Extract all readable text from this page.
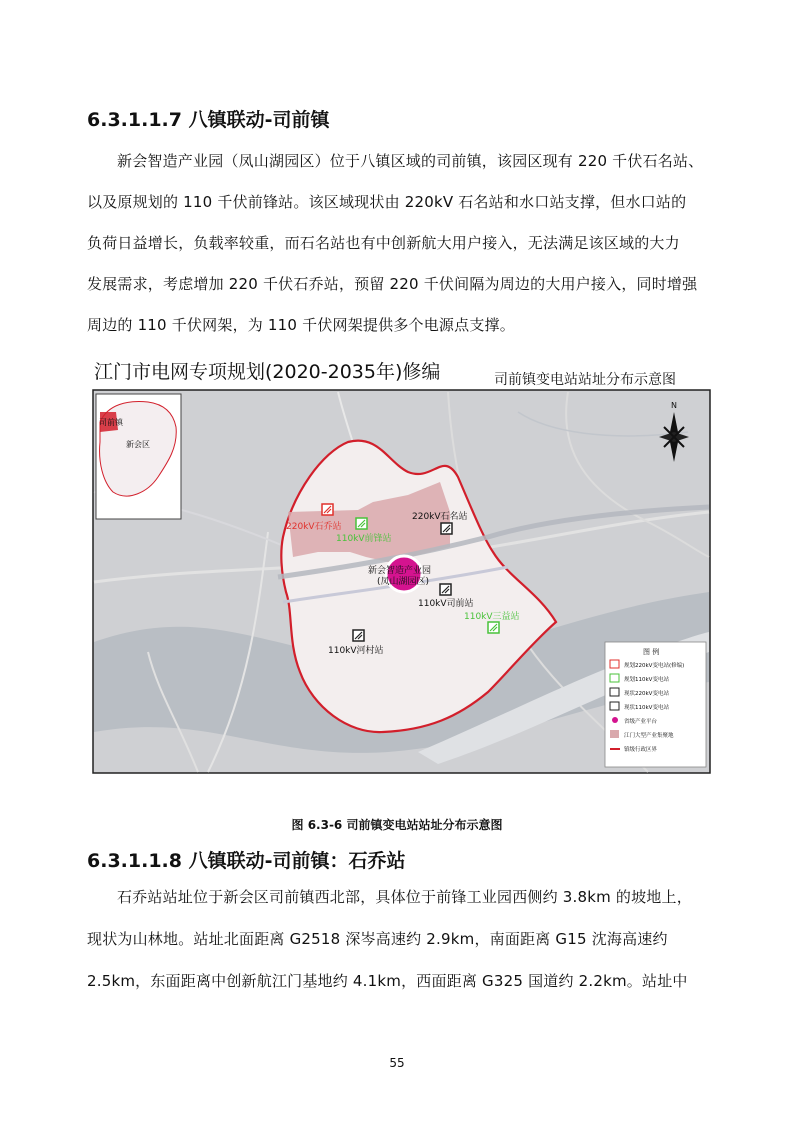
6.3.1.1.7 八镇联动-司前镇
新会智造产业园（凤山湖园区）位于八镇区域的司前镇，该园区现有 220 千伏石名站、
以及原规划的 110 千伏前锋站。该区域现状由 220kV 石名站和水口站支撑，但水口站的
负荷日益增长，负载率较重，而石名站也有中创新航大用户接入，无法满足该区域的大力
发展需求，考虑增加 220 千伏石乔站，预留 220 千伏间隔为周边的大用户接入，同时增强
周边的 110 千伏网架，为 110 千伏网架提供多个电源点支撑。
江门市电网专项规划(2020-2035年)修编	司前镇变电站站址分布示意图
新会智造产业园
(凤山湖园区)
220kV石乔站
110kV前锋站
220kV石名站
110kV司前站
110kV三益站
110kV河村站
司前镇
新会区
N
图 例
规划220kV变电站(修编)
规划110kV变电站
现状220kV变电站
现状110kV变电站
省级产业平台
江门大型产业集聚地
镇级行政区界
图 6.3-6 司前镇变电站站址分布示意图
6.3.1.1.8 八镇联动-司前镇：石乔站
石乔站站址位于新会区司前镇西北部，具体位于前锋工业园西侧约 3.8km 的坡地上，
现状为山林地。站址北面距离 G2518 深岑高速约 2.9km，南面距离 G15 沈海高速约
2.5km，东面距离中创新航江门基地约 4.1km，西面距离 G325 国道约 2.2km。站址中
55
